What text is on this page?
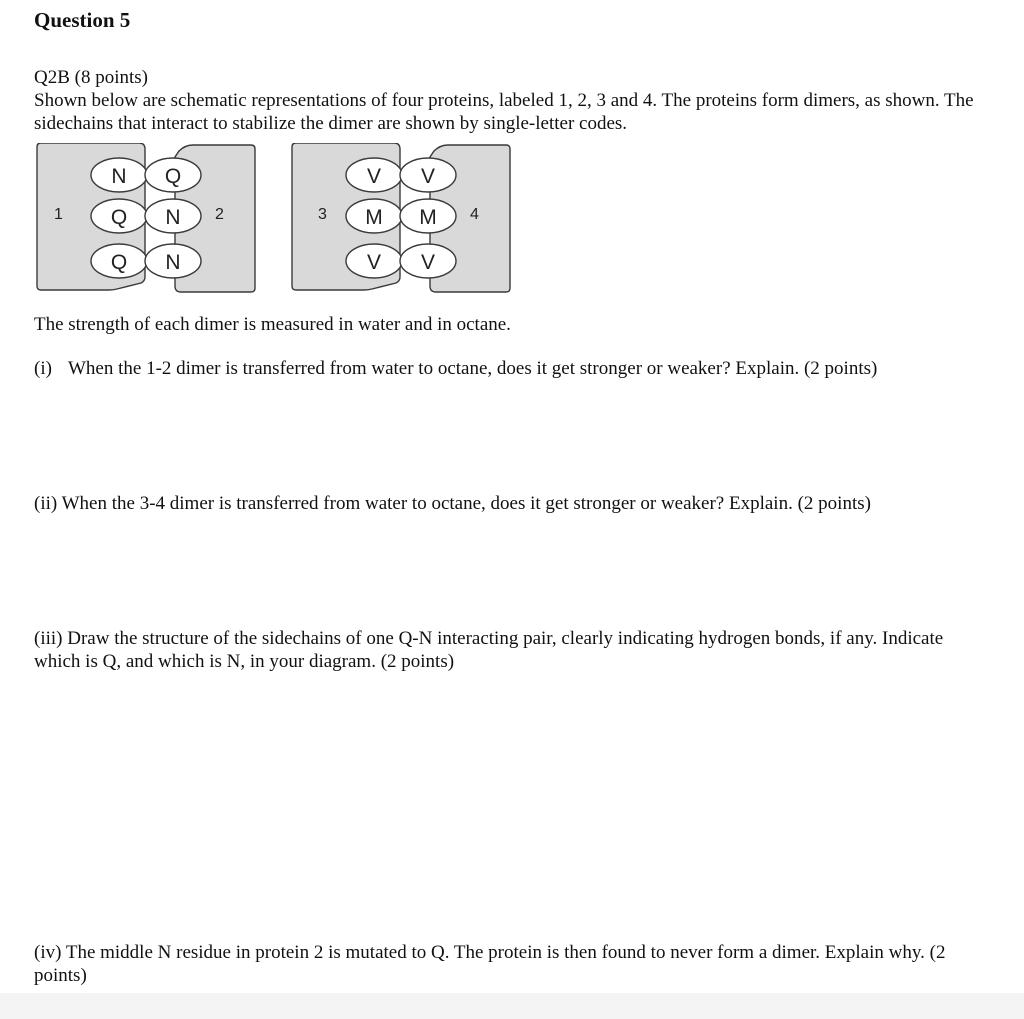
Question 5

Q2B (8 points)

Shown below are schematic representations of four proteins, labeled 1, 2, 3 and 4. The proteins form dimers, as shown. The sidechains that interact to stabilize the dimer are shown by single-letter codes.

1	2
N Q
Q N
Q N
3	4
V V
M M
V V

The strength of each dimer is measured in water and in octane.

(i) When the 1-2 dimer is transferred from water to octane, does it get stronger or weaker? Explain. (2 points)

(ii) When the 3-4 dimer is transferred from water to octane, does it get stronger or weaker? Explain. (2 points)

(iii) Draw the structure of the sidechains of one Q-N interacting pair, clearly indicating hydrogen bonds, if any. Indicate which is Q, and which is N, in your diagram. (2 points)

(iv) The middle N residue in protein 2 is mutated to Q. The protein is then found to never form a dimer. Explain why. (2 points)
